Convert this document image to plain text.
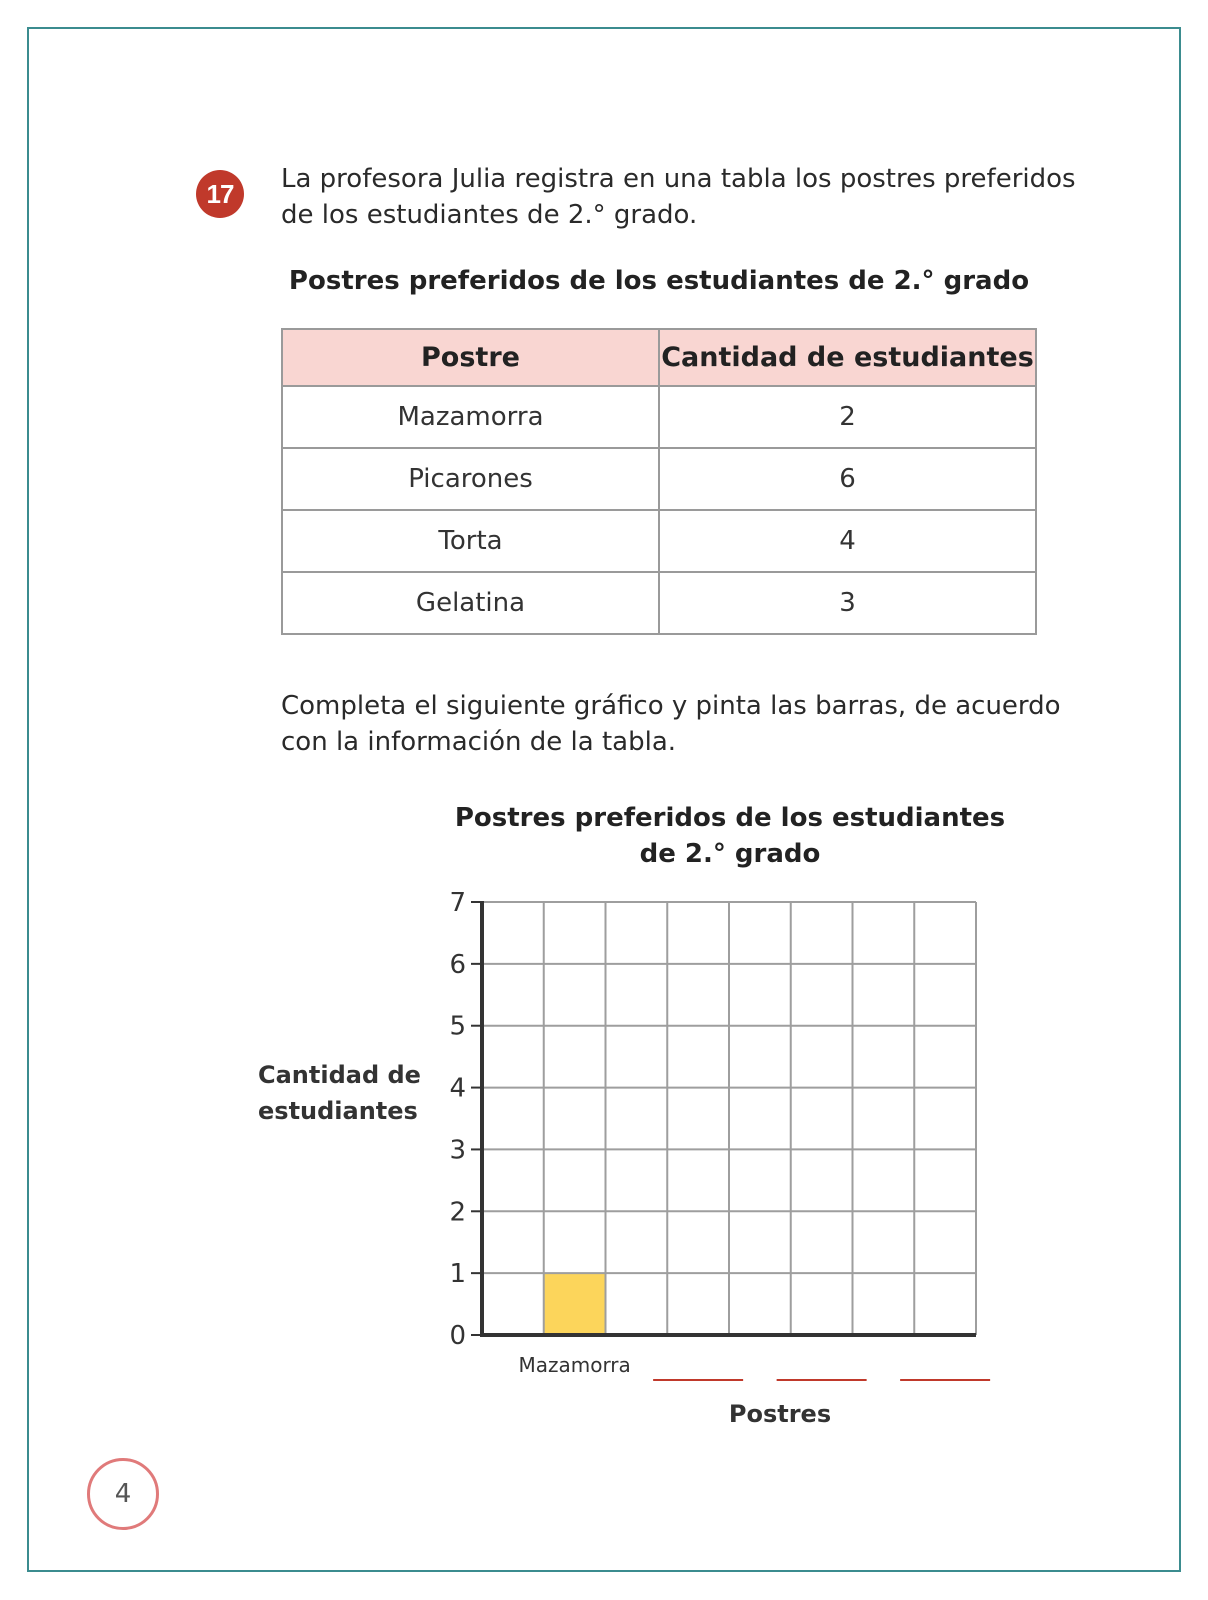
17	La profesora Julia registra en una tabla los postres preferidos
de los estudiantes de 2.° grado.

Postres preferidos de los estudiantes de 2.° grado

Postre	Cantidad de estudiantes
Mazamorra	2
Picarones	6
Torta	4
Gelatina	3

Completa el siguiente gráfico y pinta las barras, de acuerdo
con la información de la tabla.

Postres preferidos de los estudiantes
de 2.° grado

Cantidad de
estudiantes

0
1
2
3
4
5
6
7
Mazamorra
Postres
4
